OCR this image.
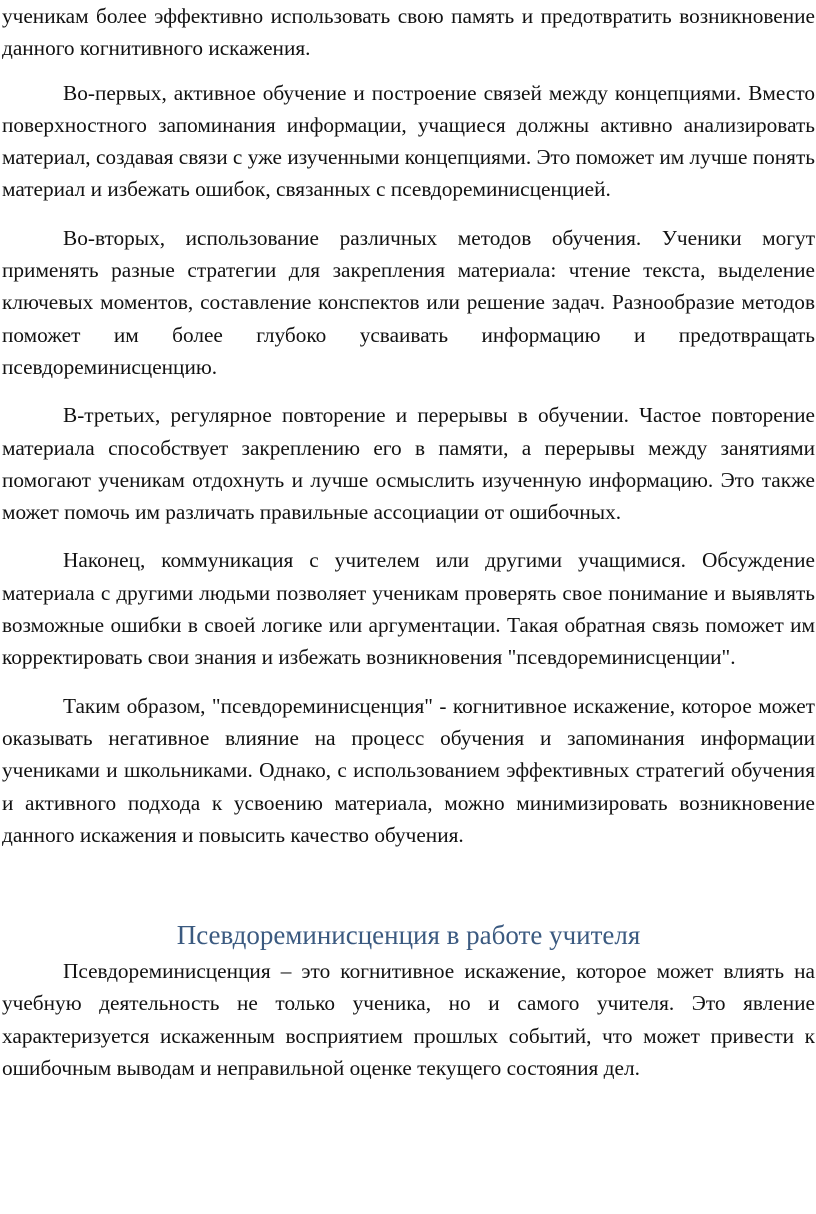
ученикам более эффективно использовать свою память и предотвратить возникновение данного когнитивного искажения.

Во-первых, активное обучение и построение связей между концепциями. Вместо поверхностного запоминания информации, учащиеся должны активно анализировать материал, создавая связи с уже изученными концепциями. Это поможет им лучше понять материал и избежать ошибок, связанных с псевдореминисценцией.

Во-вторых, использование различных методов обучения. Ученики могут применять разные стратегии для закрепления материала: чтение текста, выделение ключевых моментов, составление конспектов или решение задач. Разнообразие методов поможет им более глубоко усваивать информацию и предотвращать псевдореминисценцию.

В-третьих, регулярное повторение и перерывы в обучении. Частое повторение материала способствует закреплению его в памяти, а перерывы между занятиями помогают ученикам отдохнуть и лучше осмыслить изученную информацию. Это также может помочь им различать правильные ассоциации от ошибочных.

Наконец, коммуникация с учителем или другими учащимися. Обсуждение материала с другими людьми позволяет ученикам проверять свое понимание и выявлять возможные ошибки в своей логике или аргументации. Такая обратная связь поможет им корректировать свои знания и избежать возникновения "псевдореминисценции".

Таким образом, "псевдореминисценция" - когнитивное искажение, которое может оказывать негативное влияние на процесс обучения и запоминания информации учениками и школьниками. Однако, с использованием эффективных стратегий обучения и активного подхода к усвоению материала, можно минимизировать возникновение данного искажения и повысить качество обучения.

Псевдореминисценция в работе учителя

Псевдореминисценция – это когнитивное искажение, которое может влиять на учебную деятельность не только ученика, но и самого учителя. Это явление характеризуется искаженным восприятием прошлых событий, что может привести к ошибочным выводам и неправильной оценке текущего состояния дел.
